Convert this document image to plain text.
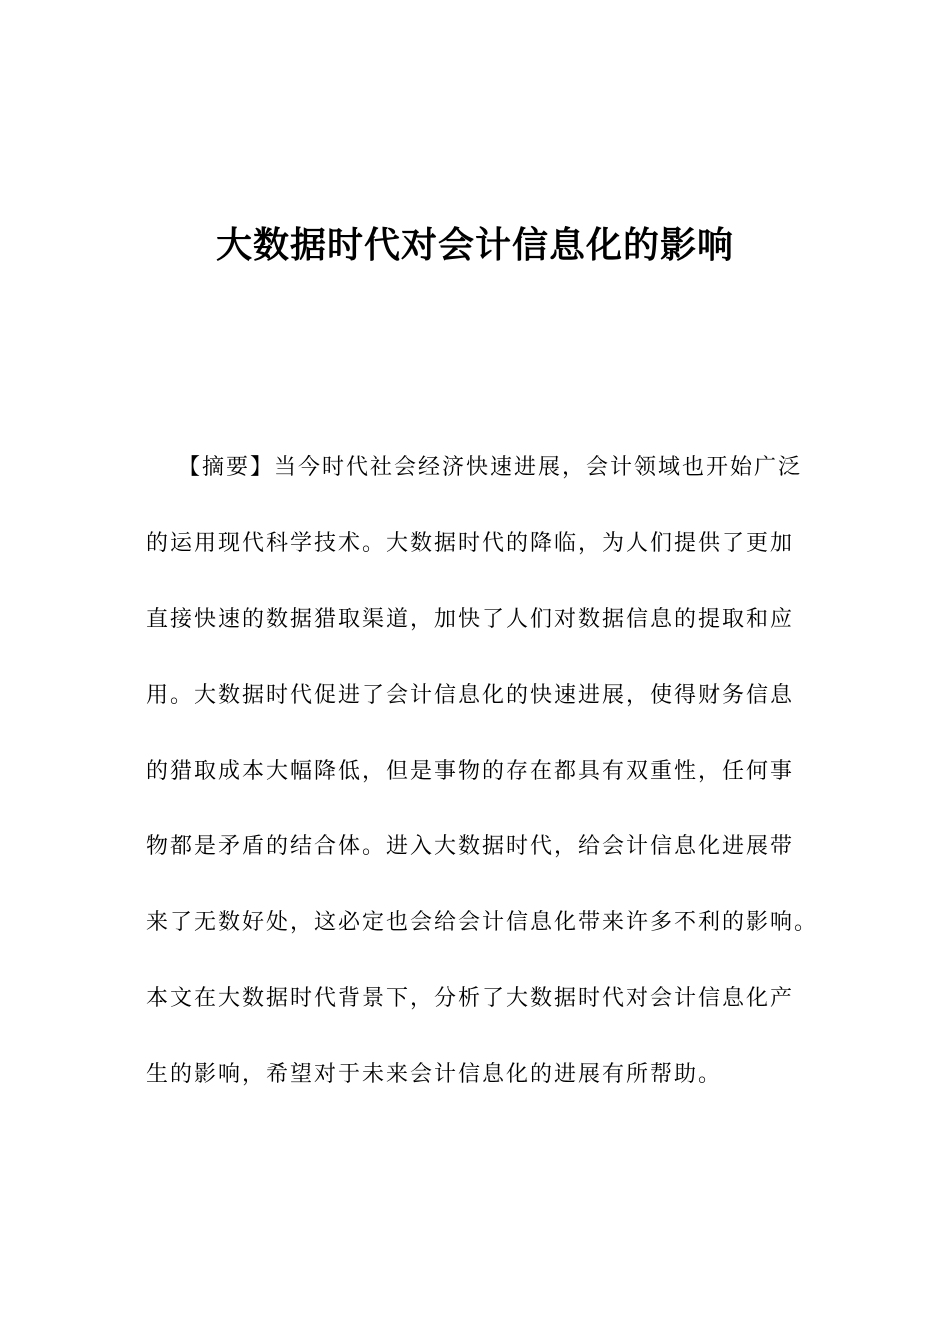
大数据时代对会计信息化的影响
【摘要】当今时代社会经济快速进展，会计领域也开始广泛
的运用现代科学技术。大数据时代的降临，为人们提供了更加
直接快速的数据猎取渠道，加快了人们对数据信息的提取和应
用。大数据时代促进了会计信息化的快速进展，使得财务信息
的猎取成本大幅降低，但是事物的存在都具有双重性，任何事
物都是矛盾的结合体。进入大数据时代，给会计信息化进展带
来了无数好处，这必定也会给会计信息化带来许多不利的影响。
本文在大数据时代背景下，分析了大数据时代对会计信息化产
生的影响，希望对于未来会计信息化的进展有所帮助。
